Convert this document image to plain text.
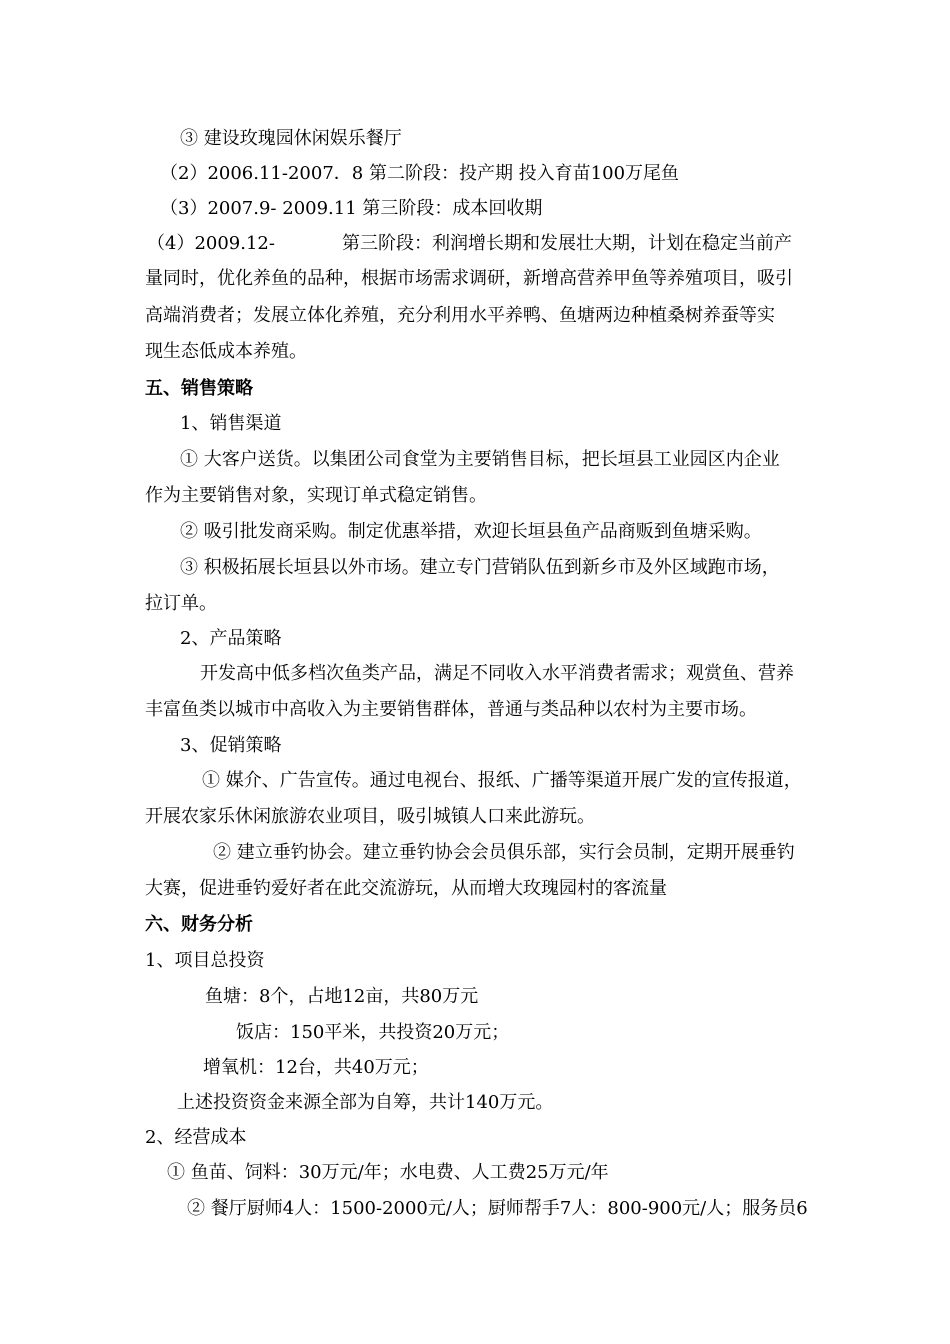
③ 建设玫瑰园休闲娱乐餐厅
（2）2006.11-2007．8 第二阶段：投产期 投入育苗100万尾鱼
（3）2007.9- 2009.11 第三阶段：成本回收期
（4）2009.12-	第三阶段：利润增长期和发展壮大期，计划在稳定当前产
量同时，优化养鱼的品种，根据市场需求调研，新增高营养甲鱼等养殖项目，吸引
高端消费者；发展立体化养殖，充分利用水平养鸭、鱼塘两边种植桑树养蚕等实
现生态低成本养殖。
五、销售策略
1、销售渠道
① 大客户送货。以集团公司食堂为主要销售目标，把长垣县工业园区内企业
作为主要销售对象，实现订单式稳定销售。
② 吸引批发商采购。制定优惠举措，欢迎长垣县鱼产品商贩到鱼塘采购。
③ 积极拓展长垣县以外市场。建立专门营销队伍到新乡市及外区域跑市场，
拉订单。
2、产品策略
开发高中低多档次鱼类产品，满足不同收入水平消费者需求；观赏鱼、营养
丰富鱼类以城市中高收入为主要销售群体，普通与类品种以农村为主要市场。
3、促销策略
① 媒介、广告宣传。通过电视台、报纸、广播等渠道开展广发的宣传报道，
开展农家乐休闲旅游农业项目，吸引城镇人口来此游玩。
② 建立垂钓协会。建立垂钓协会会员俱乐部，实行会员制，定期开展垂钓
大赛，促进垂钓爱好者在此交流游玩，从而增大玫瑰园村的客流量
六、财务分析
1、项目总投资
鱼塘：8个，占地12亩，共80万元
饭店：150平米，共投资20万元；
增氧机：12台，共40万元；
上述投资资金来源全部为自筹，共计140万元。
2、经营成本
① 鱼苗、饲料：30万元/年；水电费、人工费25万元/年
② 餐厅厨师4人：1500-2000元/人；厨师帮手7人：800-900元/人；服务员6
